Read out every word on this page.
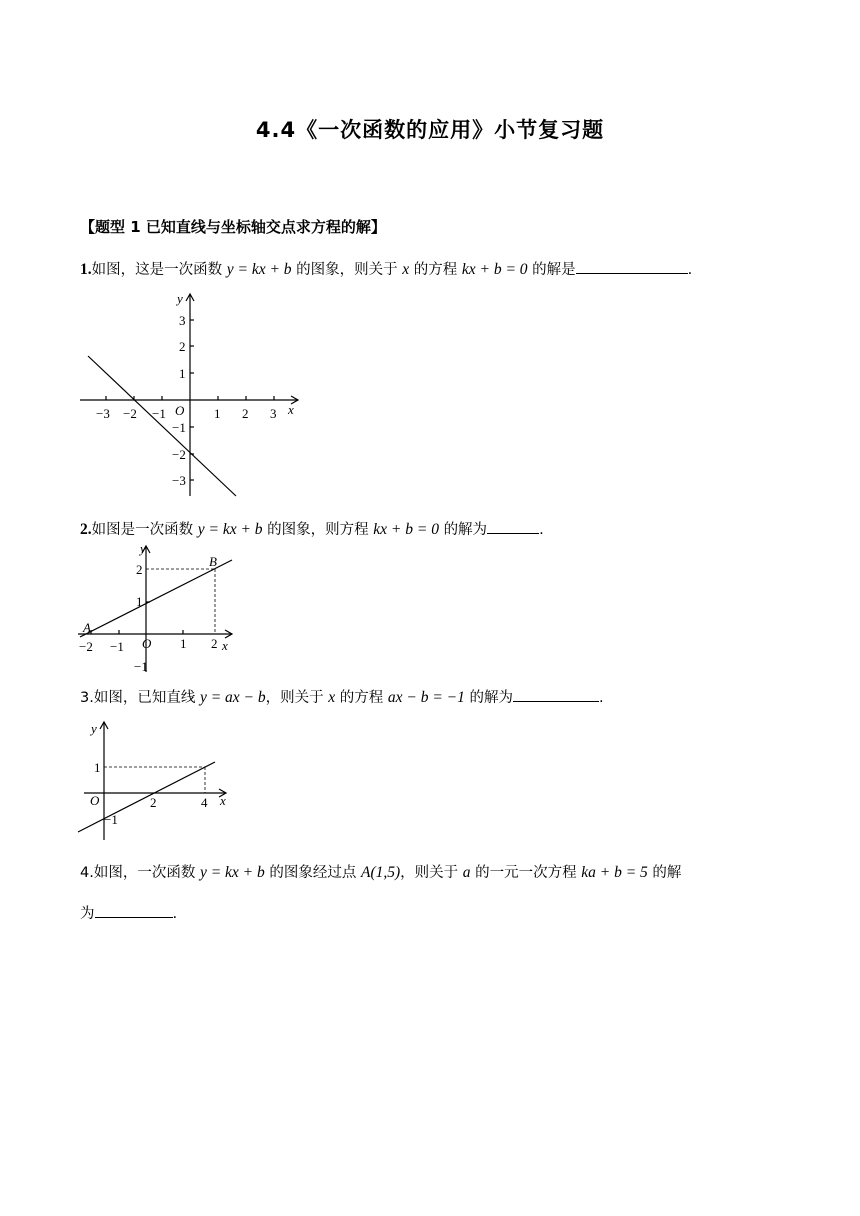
4.4《一次函数的应用》小节复习题
【题型 1 已知直线与坐标轴交点求方程的解】
1.如图，这是一次函数 y = kx + b 的图象，则关于 x 的方程 kx + b = 0 的解是	.
−3 −2 −1	1 2 3
3
2
1
−1
−2
−3
O	x
y
2.如图是一次函数 y = kx + b 的图象，则方程 kx + b = 0 的解为	.
−2 −1	1 2
2
1
−1
O	x
y
A
B
3.如图，已知直线 y = ax − b，则关于 x 的方程 ax − b = −1 的解为	.
2	4
1
−1
O	x
y
4.如图，一次函数 y = kx + b 的图象经过点 A(1,5)，则关于 a 的一元一次方程 ka + b = 5 的解
为	.
